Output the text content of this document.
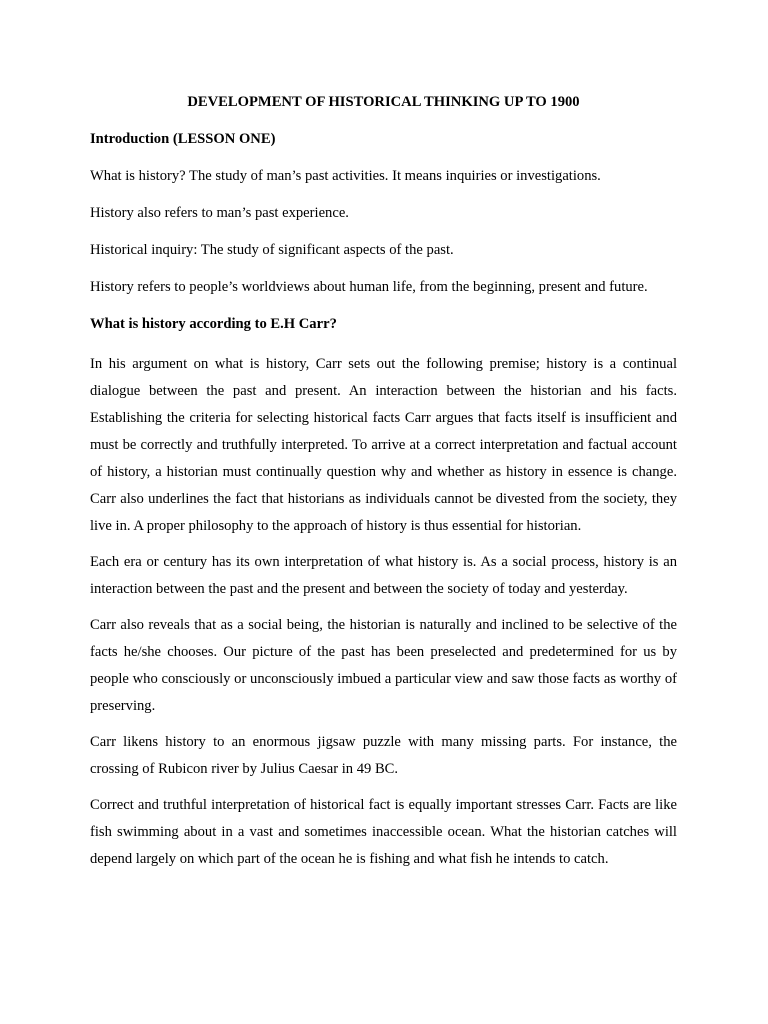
DEVELOPMENT OF HISTORICAL THINKING UP TO 1900
Introduction (LESSON ONE)
What is history? The study of man’s past activities. It means inquiries or investigations.
History also refers to man’s past experience.
Historical inquiry: The study of significant aspects of the past.
History refers to people’s worldviews about human life, from the beginning, present and future.
What is history according to E.H Carr?

In his argument on what is history, Carr sets out the following premise; history is a continual dialogue between the past and present. An interaction between the historian and his facts. Establishing the criteria for selecting historical facts Carr argues that facts itself is insufficient and must be correctly and truthfully interpreted. To arrive at a correct interpretation and factual account of history, a historian must continually question why and whether as history in essence is change. Carr also underlines the fact that historians as individuals cannot be divested from the society, they live in. A proper philosophy to the approach of history is thus essential for historian.

Each era or century has its own interpretation of what history is. As a social process, history is an interaction between the past and the present and between the society of today and yesterday.

Carr also reveals that as a social being, the historian is naturally and inclined to be selective of the facts he/she chooses. Our picture of the past has been preselected and predetermined for us by people who consciously or unconsciously imbued a particular view and saw those facts as worthy of preserving.

Carr likens history to an enormous jigsaw puzzle with many missing parts. For instance, the crossing of Rubicon river by Julius Caesar in 49 BC.

Correct and truthful interpretation of historical fact is equally important stresses Carr. Facts are like fish swimming about in a vast and sometimes inaccessible ocean. What the historian catches will depend largely on which part of the ocean he is fishing and what fish he intends to catch.
